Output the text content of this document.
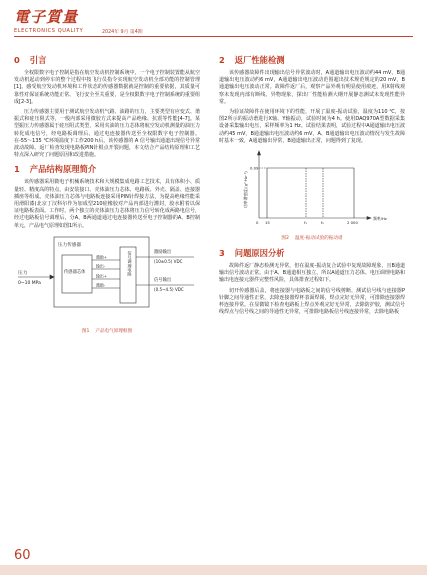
電子質量
ELECTRONICS QUALITY	2024年 9月 第4期
0 引言

全权限数字电子控制是指在航空发动机控制系统中，一个电子控制装置能从航空发动机起动到停车的整个过程中按飞行员指令实现航空发动机全部功能的控制管理[1]。感受航空发动机环境和工作状态的传感器数据就是控制的重要依据，其质量可靠性对保证系统功能正常、飞行安全至关重要，是全权限数字电子控制系统的重要组成[2-3]。

压力传感器主要用于测试航空发动机气路、油路的压力，主要类型有应变式、谐振式和硅压阻式等，一般内部采用微胶方式来提高产品绝缘、抗震等性能[4-7]。某型振压力传感器属于硅压阻式类型，采用夹油的压力芯体将航空发动机测量的油压力转化成电信号，经电路板调理后，通过电连接器传送至全权限数字电子控制器。在-55～135 ℃环境温度下工作200 h后，该传感器的 A 信号输出通道出现信号异常波动故障。返厂检查发现电路板PIN针根点开裂问题，本文结合产品结构原理和工艺特点深入研究了问题原因和改进措施。

1 产品结构原理简介

该传感器采用微电子机械系统技术和大规模集成电路工艺技术，具有体积小、质量轻、精度高的特点，由安装接口、壳体油压力芯体、电路板、外壳、隔盖、连接器插座等组成。壳体油压力芯体与电路板连接采用PIN针焊接方法，为提高绝缘性能采用滑阳漆(北京丁汉科尔作为加成型210硅橡胶对产品内部进行灌封，胶水附着以保证电路板表面。工作时，两个独立的壳体油压力芯体将压力信号转化成两路电信号，经过电路板信号调理后，分A、B两通道通过电连接器传送至电子控制器的A、B控制单元，产品电气原理如图1所示。

压力
0~10 MPa
压力传感器
传感器芯体
激励+
输出-
输出+
激励-
信号调理电路	激励输出
(10±0.5) VDC
信号输出
(0.5~4.5) VDC
图1 产品电气原理框图
2 返厂性能检测

该传感器故障件出现输出信号异常波动时，A通道输出电压波动约44 mV，B通道输出电压波动约6 mV，A通道输出电压波动范围超出技术规范规定的20 mV，B通道输出电压波动正常。故障件返厂后，观察产品外观有明显使用痕迹，用X射线观察未发现内部有断线、异物现象，探出厂性能检测大纲开展静态测试未发现性能异常。

为验证故障件在使用环境下的性能，开展了温度-振动试验，温度为110 ℃，按图2所示的振动谱进行X轴、Y轴振动，试验时间为4 h。使用DAQ970A型数据采集设备采集输出电压，采样频率为1 Hz。试验结果表明，试验过程中A通道输出电压波动约45 mV，B通道输出电压波动约6 mV，A、B通道输出电压波动情况与发生故障时基本一致，A通道输出异常，B通道输出正常，问题得到了复现。

功率谱密度/(g²·Hz⁻¹)
0.09
0 15	f₁	f₂	2 000
频率/Hz
图2 温度-振动试验的振动谱
3 问题原因分析

故障件返厂静态检测无异常，但在温度-振动复合试验中复现故障现象，且B通道输出信号波动正常。由于A、B通道相互独立，所以A通道压力芯体、电压调理电路和输出电连接元器件完整性风险，具体排查过程如下。

切开传感器后盖，将连接器与电路板之间的信号线剪断，测试信号线与连接器P针脚之间导通性正常，去除连接器焊杯表面焊锡，焊点完好无异常，可排除连接器焊杯连接异常。在显微镜下检查电路板上焊点外观完好无异常，去除防护胶，测试信号线焊点与信号线之间的导通性无异常，可排除电路板信号线连接异常，去除电路板

60
